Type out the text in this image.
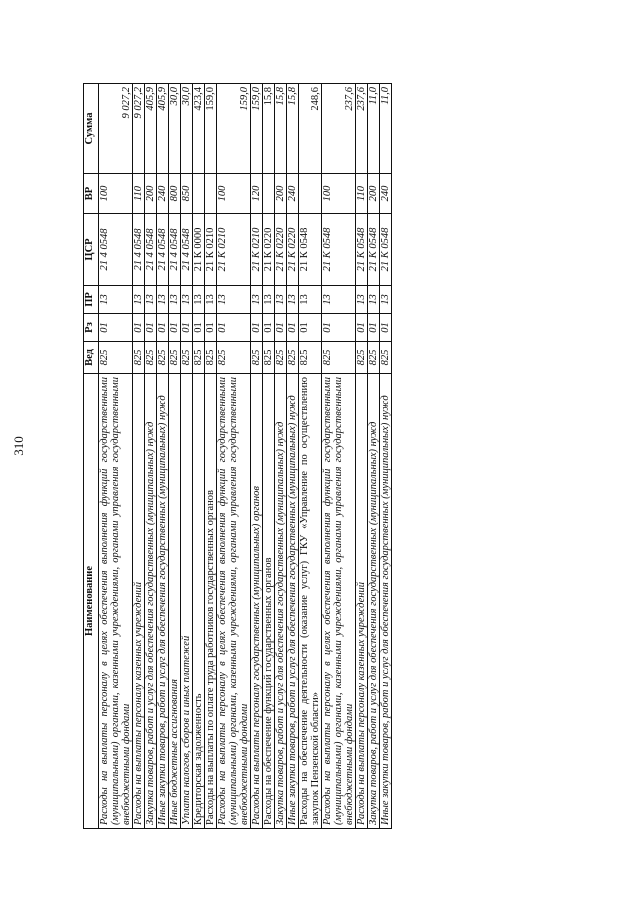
310
Наименование	Вед	Рз	ПР	ЦСР	ВР	Сумма
Расходы на выплаты персоналу в целях обеспечения выполнения функций государственными (муниципальными) органами, казенными учреждениями, органами управления государственными внебюджетными фондами	825	01	13	21 4 0548	100	9 027,2
Расходы на выплаты персоналу казенных учреждений	825	01	13	21 4 0548	110	9 027,2
Закупка товаров, работ и услуг для обеспечения государственных (муниципальных) нужд	825	01	13	21 4 0548	200	405,9
Иные закупки товаров, работ и услуг для обеспечения государственных (муниципальных) нужд	825	01	13	21 4 0548	240	405,9
Иные бюджетные ассигнования	825	01	13	21 4 0548	800	30,0
Уплата налогов, сборов и иных платежей	825	01	13	21 4 0548	850	30,0
Кредиторская задолженность	825	01	13	21 К 0000		423,4
Расходы на выплаты по оплате труда работников государственных органов	825	01	13	21 К 0210		159,0
Расходы на выплаты персоналу в целях обеспечения выполнения функций государственными (муниципальными) органами, казенными учреждениями, органами управления государственными внебюджетными фондами	825	01	13	21 К 0210	100	159,0
Расходы на выплаты персоналу государственных (муниципальных) органов	825	01	13	21 К 0210	120	159,0
Расходы на обеспечение функций государственных органов	825	01	13	21 К 0220		15,8
Закупка товаров, работ и услуг для обеспечения государственных (муниципальных) нужд	825	01	13	21 К 0220	200	15,8
Иные закупки товаров, работ и услуг для обеспечения государственных (муниципальных) нужд	825	01	13	21 К 0220	240	15,8
Расходы на обеспечение деятельности (оказание услуг) ГКУ «Управление по осуществлению закупок Пензенской области»	825	01	13	21 К 0548		248,6
Расходы на выплаты персоналу в целях обеспечения выполнения функций государственными (муниципальными) органами, казенными учреждениями, органами управления государственными внебюджетными фондами	825	01	13	21 К 0548	100	237,6
Расходы на выплаты персоналу казенных учреждений	825	01	13	21 К 0548	110	237,6
Закупка товаров, работ и услуг для обеспечения государственных (муниципальных) нужд	825	01	13	21 К 0548	200	11,0
Иные закупки товаров, работ и услуг для обеспечения государственных (муниципальных) нужд	825	01	13	21 К 0548	240	11,0
